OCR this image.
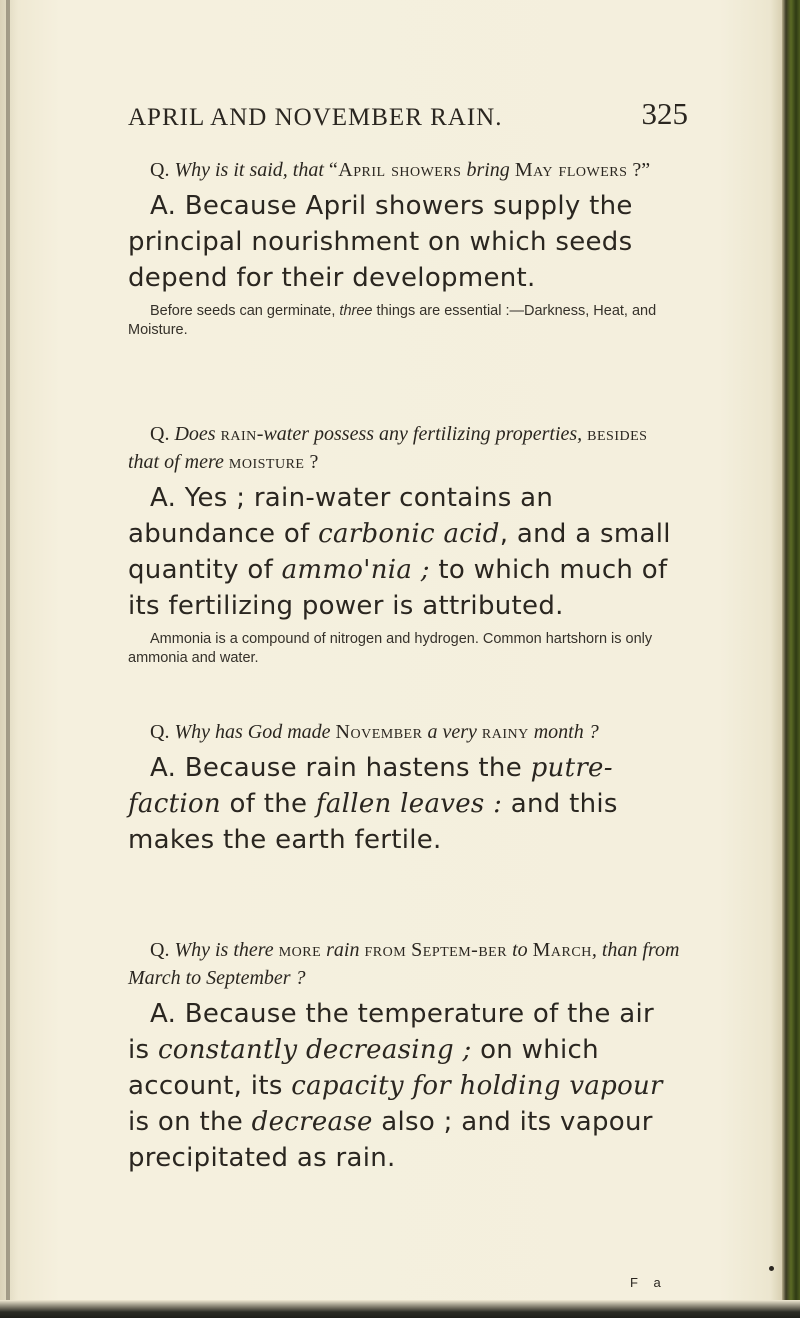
APRIL AND NOVEMBER RAIN.	325
Q. Why is it said, that “April showers bring May flowers ?”
A. Because April showers supply the principal nourishment on which seeds depend for their development.
Before seeds can germinate, three things are essential :—Darkness, Heat, and Moisture.
Q. Does rain-water possess any fertilizing properties, besides that of mere moisture ?
A. Yes ; rain-water contains an abundance of carbonic acid, and a small quantity of ammo'nia ; to which much of its fertilizing power is attributed.
Ammonia is a compound of nitrogen and hydrogen. Common hartshorn is only ammonia and water.
Q. Why has God made November a very rainy month ?
A. Because rain hastens the putre-faction of the fallen leaves : and this makes the earth fertile.
Q. Why is there more rain from Septem-ber to March, than from March to September ?
A. Because the temperature of the air is constantly decreasing ; on which account, its capacity for holding vapour is on the decrease also ; and its vapour precipitated as rain.
F a
